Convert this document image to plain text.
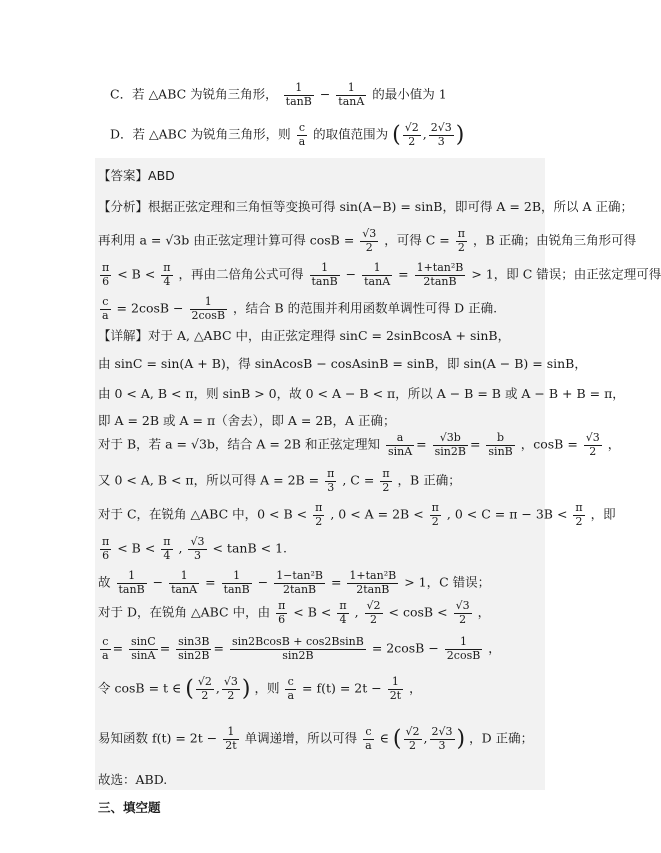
C．若 △ABC 为锐角三角形， $\frac{1}{\tan B} - \frac{1}{\tan A}$ 的最小值为 1
D．若 △ABC 为锐角三角形，则 $\frac{c}{a}$ 的取值范围为 ( $\frac{√2}{2}$ , $\frac{2√3}{3}$ )
【答案】ABD
【分析】根据正弦定理和三角恒等变换可得 sin(A−B) = sinB，即可得 A = 2B，所以 A 正确；
再利用 a = √3b 由正弦定理计算可得 $\cos B = \frac{√3}{2}$ ，可得 $C = \frac{\pi}{2}$ ，B 正确；由锐角三角形可得
$\frac{\pi}{6} < B < \frac{\pi}{4}$ ，再由二倍角公式可得 $\frac{1}{\tan B} - \frac{1}{\tan A} = \frac{\text{1+tan²B}}{2\tan B} > 1$，即 C 错误；由正弦定理可得
$\frac{c}{a} = 2\cos B - \frac{1}{2\cos B}$ ，结合 B 的范围并利用函数单调性可得 D 正确.
【详解】对于 A, △ABC 中，由正弦定理得 sinC = 2sinBcosA + sinB，
由 sinC = sin(A + B)，得 sinAcosB − cosAsinB = sinB，即 sin(A − B) = sinB，
由 0 < A, B < π，则 sinB > 0，故 0 < A − B < π，所以 A − B = B 或 A − B + B = π，
即 A = 2B 或 A = π（舍去），即 A = 2B，A 正确；
对于 B，若 a = √3b，结合 A = 2B 和正弦定理知 $\frac{a}{\sin A} = \frac{√3b}{\sin 2B} = \frac{b}{\sin B}$ ，$\cos B = \frac{√3}{2}$ ，
又 0 < A, B < π，所以可得 $A = 2B = \frac{\pi}{3}$ , $C = \frac{\pi}{2}$ ，B 正确；
对于 C，在锐角 △ABC 中，$0 < B < \frac{\pi}{2}$ , $0 < A = 2B < \frac{\pi}{2}$ , $0 < C = \pi - 3B < \frac{\pi}{2}$ ，即
$\frac{\pi}{6} < B < \frac{\pi}{4}$ , $\frac{√3}{3} < \tan B < 1$.
故 $\frac{1}{\tan B} - \frac{1}{\tan A} = \frac{1}{\tan B} - \frac{\text{1−tan²B}}{2\tan B} = \frac{\text{1+tan²B}}{2\tan B} > 1$，C 错误；
对于 D，在锐角 △ABC 中，由 $\frac{\pi}{6} < B < \frac{\pi}{4}$ , $\frac{√2}{2} < \cos B < \frac{√3}{2}$ ，
$\frac{c}{a} = \frac{\sin C}{\sin A} = \frac{\sin 3B}{\sin 2B} = \frac{\sin 2BcosB + \cos 2BsinB}{\sin 2B} = 2\cos B - \frac{1}{2\cos B}$ ，
令 cosB = t ∈ ( $\frac{√2}{2}$ , $\frac{√3}{2}$ ) ，则 $\frac{c}{a} = f(t) = 2t - \frac{1}{2t}$ ，
易知函数 $f(t) = 2t - \frac{1}{2t}$ 单调递增，所以可得 $\frac{c}{a}$ ∈ ( $\frac{√2}{2}$ , $\frac{2√3}{3}$ ) ，D 正确；
故选：ABD.
三、填空题
